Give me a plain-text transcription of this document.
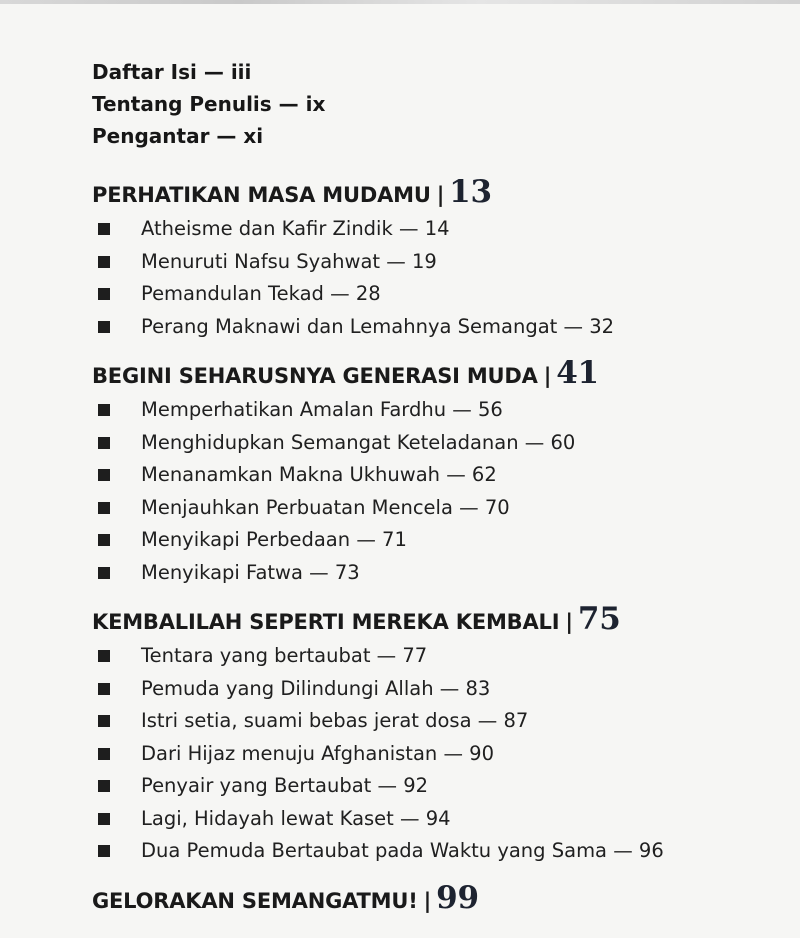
Daftar Isi — iii
Tentang Penulis — ix
Pengantar — xi
PERHATIKAN MASA MUDAMU | 13
Atheisme dan Kafir Zindik — 14
Menuruti Nafsu Syahwat — 19
Pemandulan Tekad — 28
Perang Maknawi dan Lemahnya Semangat — 32
BEGINI SEHARUSNYA GENERASI MUDA | 41
Memperhatikan Amalan Fardhu — 56
Menghidupkan Semangat Keteladanan — 60
Menanamkan Makna Ukhuwah — 62
Menjauhkan Perbuatan Mencela — 70
Menyikapi Perbedaan — 71
Menyikapi Fatwa — 73
KEMBALILAH SEPERTI MEREKA KEMBALI | 75
Tentara yang bertaubat — 77
Pemuda yang Dilindungi Allah — 83
Istri setia, suami bebas jerat dosa — 87
Dari Hijaz menuju Afghanistan — 90
Penyair yang Bertaubat — 92
Lagi, Hidayah lewat Kaset — 94
Dua Pemuda Bertaubat pada Waktu yang Sama — 96
GELORAKAN SEMANGATMU! | 99
